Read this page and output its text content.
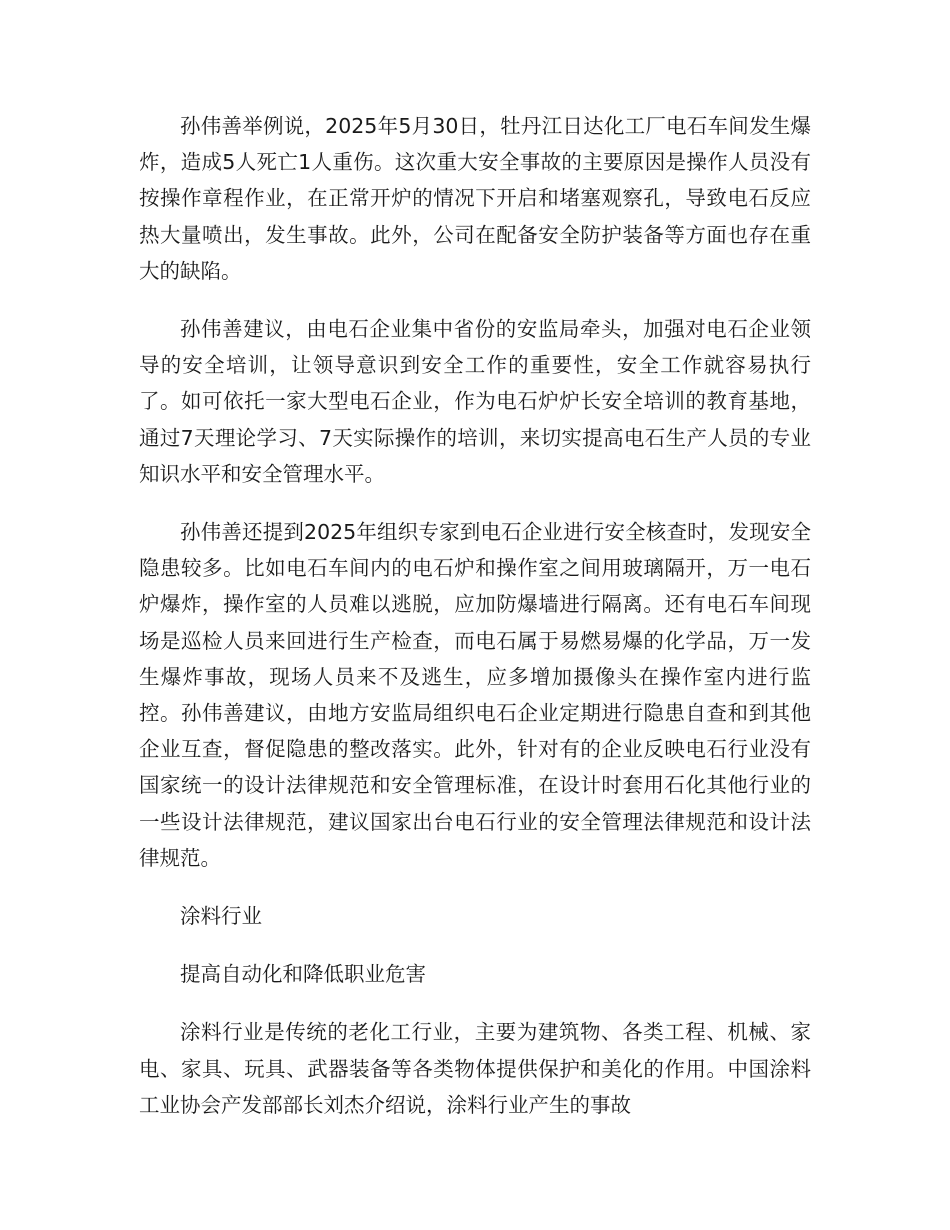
孙伟善举例说，2025年5月30日，牡丹江日达化工厂电石车间发生爆炸，造成5人死亡1人重伤。这次重大安全事故的主要原因是操作人员没有按操作章程作业，在正常开炉的情况下开启和堵塞观察孔，导致电石反应热大量喷出，发生事故。此外，公司在配备安全防护装备等方面也存在重大的缺陷。

孙伟善建议，由电石企业集中省份的安监局牵头，加强对电石企业领导的安全培训，让领导意识到安全工作的重要性，安全工作就容易执行了。如可依托一家大型电石企业，作为电石炉炉长安全培训的教育基地，通过7天理论学习、7天实际操作的培训，来切实提高电石生产人员的专业知识水平和安全管理水平。

孙伟善还提到2025年组织专家到电石企业进行安全核查时，发现安全隐患较多。比如电石车间内的电石炉和操作室之间用玻璃隔开，万一电石炉爆炸，操作室的人员难以逃脱，应加防爆墙进行隔离。还有电石车间现场是巡检人员来回进行生产检查，而电石属于易燃易爆的化学品，万一发生爆炸事故，现场人员来不及逃生，应多增加摄像头在操作室内进行监控。孙伟善建议，由地方安监局组织电石企业定期进行隐患自查和到其他企业互查，督促隐患的整改落实。此外，针对有的企业反映电石行业没有国家统一的设计法律规范和安全管理标准，在设计时套用石化其他行业的一些设计法律规范，建议国家出台电石行业的安全管理法律规范和设计法律规范。

涂料行业

提高自动化和降低职业危害

涂料行业是传统的老化工行业，主要为建筑物、各类工程、机械、家电、家具、玩具、武器装备等各类物体提供保护和美化的作用。中国涂料工业协会产发部部长刘杰介绍说，涂料行业产生的事故
